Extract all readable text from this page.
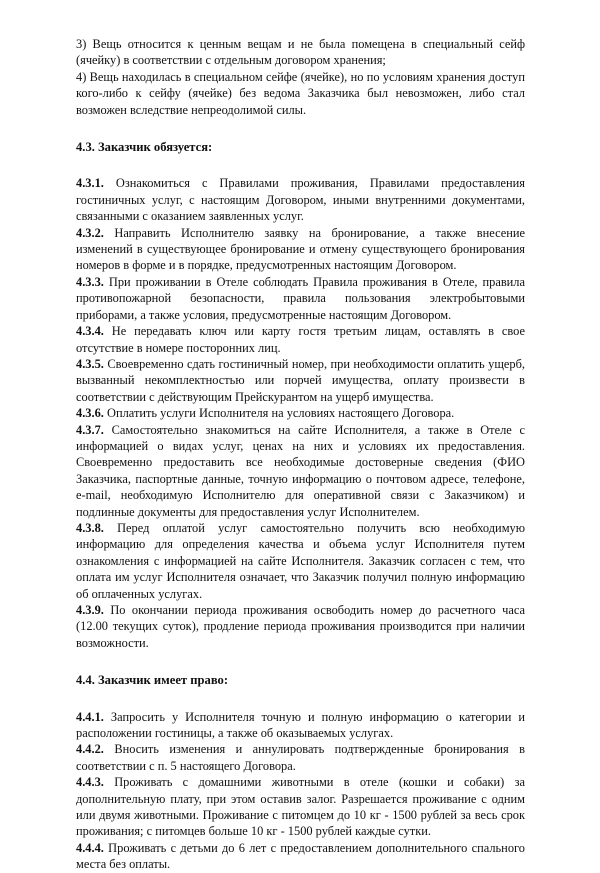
3) Вещь относится к ценным вещам и не была помещена в специальный сейф (ячейку) в соответствии с отдельным договором хранения;

4) Вещь находилась в специальном сейфе (ячейке), но по условиям хранения доступ кого-либо к сейфу (ячейке) без ведома Заказчика был невозможен, либо стал возможен вследствие непреодолимой силы.

4.3. Заказчик обязуется:

4.3.1. Ознакомиться с Правилами проживания, Правилами предоставления гостиничных услуг, с настоящим Договором, иными внутренними документами, связанными с оказанием заявленных услуг.

4.3.2. Направить Исполнителю заявку на бронирование, а также внесение изменений в существующее бронирование и отмену существующего бронирования номеров в форме и в порядке, предусмотренных настоящим Договором.

4.3.3. При проживании в Отеле соблюдать Правила проживания в Отеле, правила противопожарной безопасности, правила пользования электробытовыми приборами, а также условия, предусмотренные настоящим Договором.

4.3.4. Не передавать ключ или карту гостя третьим лицам, оставлять в свое отсутствие в номере посторонних лиц.

4.3.5. Своевременно сдать гостиничный номер, при необходимости оплатить ущерб, вызванный некомплектностью или порчей имущества, оплату произвести в соответствии с действующим Прейскурантом на ущерб имущества.

4.3.6. Оплатить услуги Исполнителя на условиях настоящего Договора.

4.3.7. Самостоятельно знакомиться на сайте Исполнителя, а также в Отеле с информацией о видах услуг, ценах на них и условиях их предоставления. Своевременно предоставить все необходимые достоверные сведения (ФИО Заказчика, паспортные данные, точную информацию о почтовом адресе, телефоне, e-mail, необходимую Исполнителю для оперативной связи с Заказчиком) и подлинные документы для предоставления услуг Исполнителем.

4.3.8. Перед оплатой услуг самостоятельно получить всю необходимую информацию для определения качества и объема услуг Исполнителя путем ознакомления с информацией на сайте Исполнителя. Заказчик согласен с тем, что оплата им услуг Исполнителя означает, что Заказчик получил полную информацию об оплаченных услугах.

4.3.9. По окончании периода проживания освободить номер до расчетного часа (12.00 текущих суток), продление периода проживания производится при наличии возможности.

4.4. Заказчик имеет право:

4.4.1. Запросить у Исполнителя точную и полную информацию о категории и расположении гостиницы, а также об оказываемых услугах.

4.4.2. Вносить изменения и аннулировать подтвержденные бронирования в соответствии с п. 5 настоящего Договора.

4.4.3. Проживать с домашними животными в отеле (кошки и собаки) за дополнительную плату, при этом оставив залог. Разрешается проживание с одним или двумя животными. Проживание с питомцем до 10 кг - 1500 рублей за весь срок проживания; с питомцев больше 10 кг - 1500 рублей каждые сутки.

4.4.4. Проживать с детьми до 6 лет с предоставлением дополнительного спального места без оплаты.
